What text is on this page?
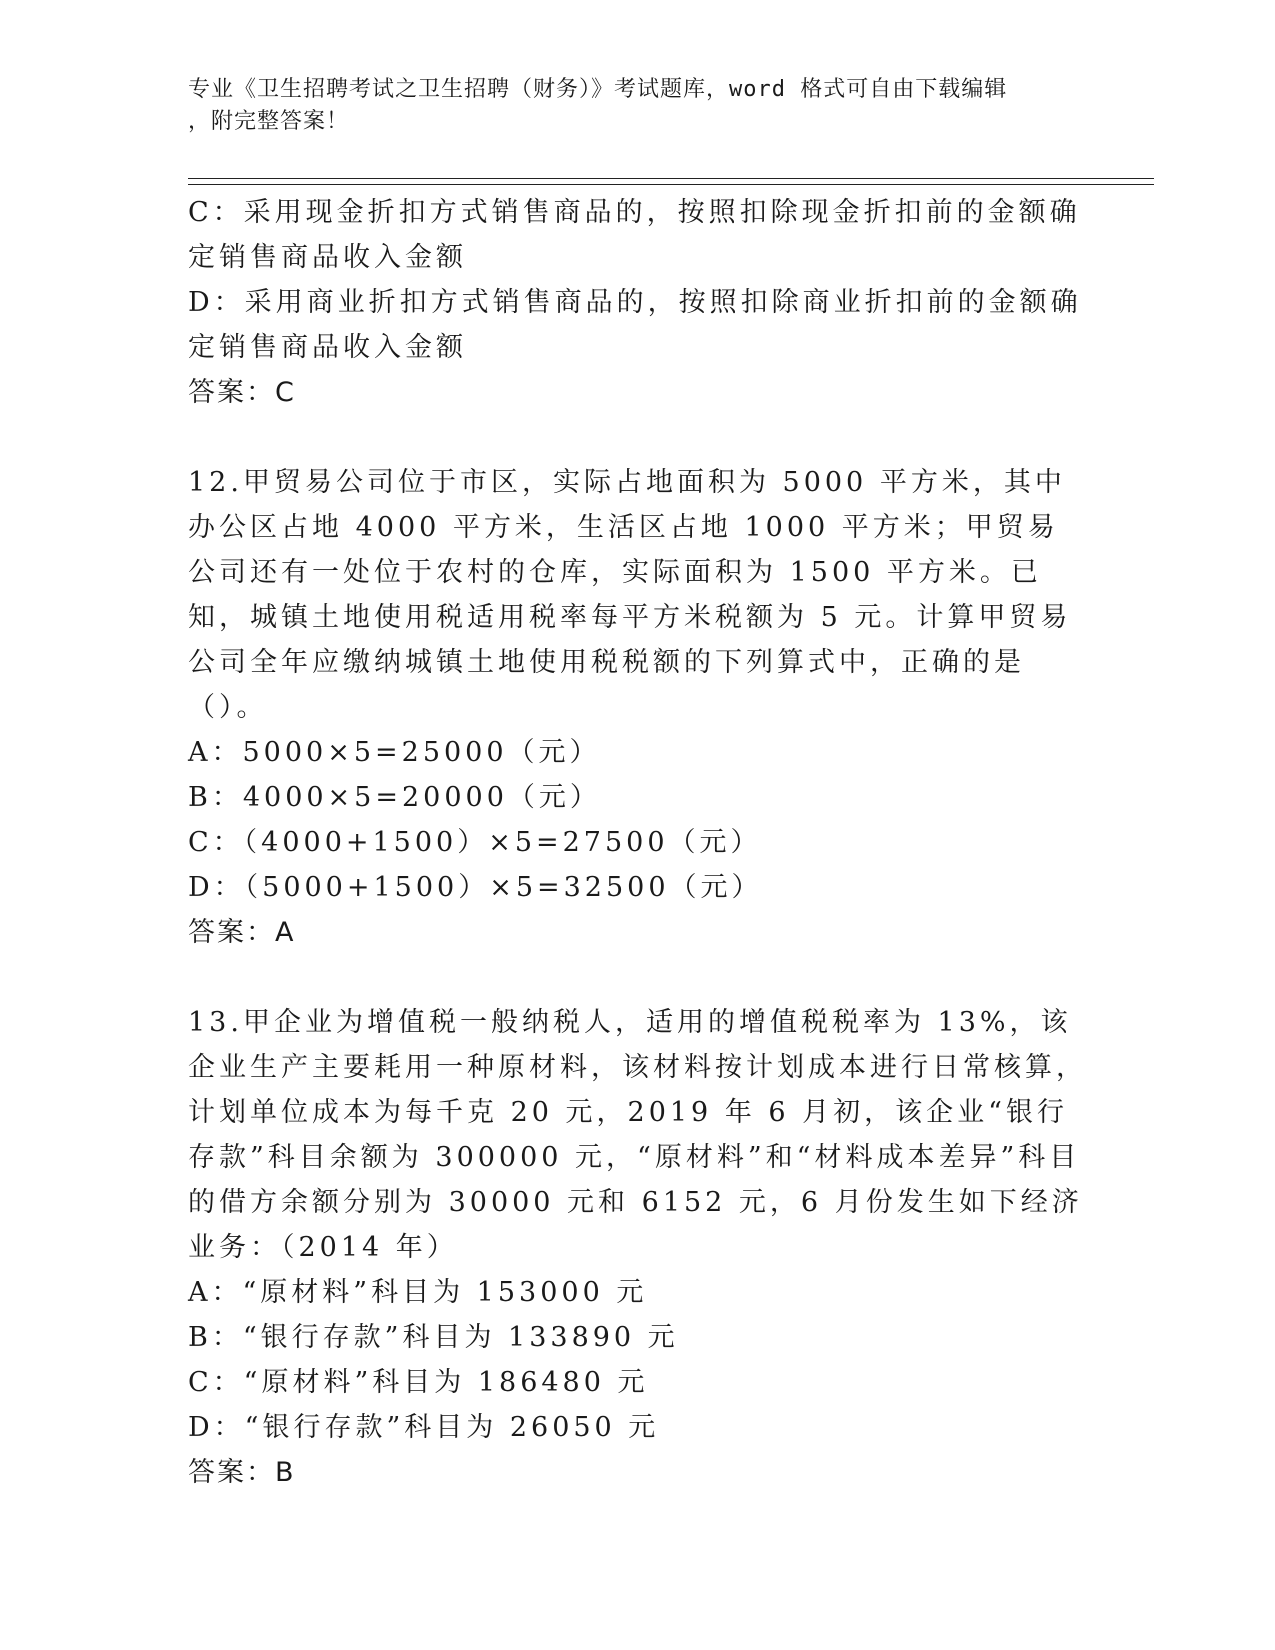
专业《卫生招聘考试之卫生招聘（财务）》考试题库，word 格式可自由下载编辑
，附完整答案！
C：采用现金折扣方式销售商品的，按照扣除现金折扣前的金额确定销售商品收入金额
D：采用商业折扣方式销售商品的，按照扣除商业折扣前的金额确定销售商品收入金额
答案：C
12.甲贸易公司位于市区，实际占地面积为 5000 平方米，其中办公区占地 4000 平方米，生活区占地 1000 平方米；甲贸易公司还有一处位于农村的仓库，实际面积为 1500 平方米。已知，城镇土地使用税适用税率每平方米税额为 5 元。计算甲贸易公司全年应缴纳城镇土地使用税税额的下列算式中，正确的是（）。
A：5000×5=25000（元）
B：4000×5=20000（元）
C：（4000+1500）×5=27500（元）
D：（5000+1500）×5=32500（元）
答案：A
13.甲企业为增值税一般纳税人，适用的增值税税率为 13%，该企业生产主要耗用一种原材料，该材料按计划成本进行日常核算，计划单位成本为每千克 20 元，2019 年 6 月初，该企业“银行存款”科目余额为 300000 元，“原材料”和“材料成本差异”科目的借方余额分别为 30000 元和 6152 元，6 月份发生如下经济业务：（2014 年）
A：“原材料”科目为 153000 元
B：“银行存款”科目为 133890 元
C：“原材料”科目为 186480 元
D：“银行存款”科目为 26050 元
答案：B
